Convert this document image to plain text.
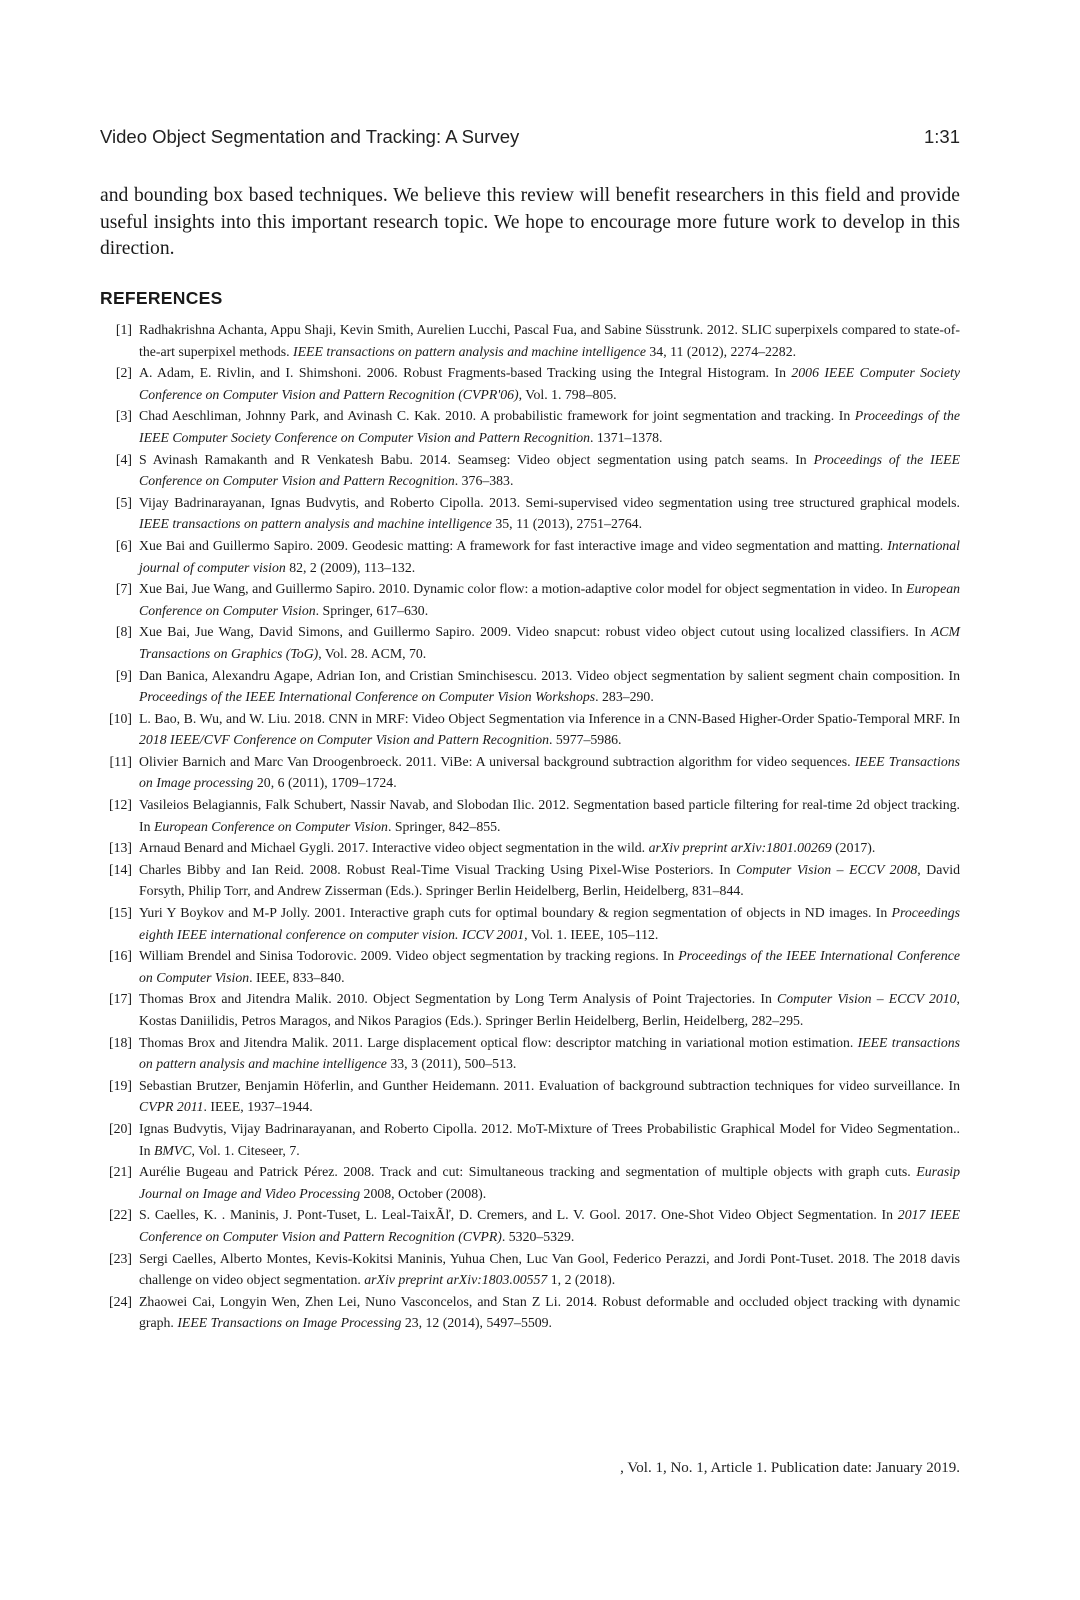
Video Object Segmentation and Tracking: A Survey	1:31

and bounding box based techniques. We believe this review will benefit researchers in this field and provide useful insights into this important research topic. We hope to encourage more future work to develop in this direction.

REFERENCES
[1] Radhakrishna Achanta, Appu Shaji, Kevin Smith, Aurelien Lucchi, Pascal Fua, and Sabine Süsstrunk. 2012. SLIC superpixels compared to state-of-the-art superpixel methods. IEEE transactions on pattern analysis and machine intelligence 34, 11 (2012), 2274–2282.
[2] A. Adam, E. Rivlin, and I. Shimshoni. 2006. Robust Fragments-based Tracking using the Integral Histogram. In 2006 IEEE Computer Society Conference on Computer Vision and Pattern Recognition (CVPR'06), Vol. 1. 798–805.
[3] Chad Aeschliman, Johnny Park, and Avinash C. Kak. 2010. A probabilistic framework for joint segmentation and tracking. In Proceedings of the IEEE Computer Society Conference on Computer Vision and Pattern Recognition. 1371–1378.
[4] S Avinash Ramakanth and R Venkatesh Babu. 2014. Seamseg: Video object segmentation using patch seams. In Proceedings of the IEEE Conference on Computer Vision and Pattern Recognition. 376–383.
[5] Vijay Badrinarayanan, Ignas Budvytis, and Roberto Cipolla. 2013. Semi-supervised video segmentation using tree structured graphical models. IEEE transactions on pattern analysis and machine intelligence 35, 11 (2013), 2751–2764.
[6] Xue Bai and Guillermo Sapiro. 2009. Geodesic matting: A framework for fast interactive image and video segmentation and matting. International journal of computer vision 82, 2 (2009), 113–132.
[7] Xue Bai, Jue Wang, and Guillermo Sapiro. 2010. Dynamic color flow: a motion-adaptive color model for object segmentation in video. In European Conference on Computer Vision. Springer, 617–630.
[8] Xue Bai, Jue Wang, David Simons, and Guillermo Sapiro. 2009. Video snapcut: robust video object cutout using localized classifiers. In ACM Transactions on Graphics (ToG), Vol. 28. ACM, 70.
[9] Dan Banica, Alexandru Agape, Adrian Ion, and Cristian Sminchisescu. 2013. Video object segmentation by salient segment chain composition. In Proceedings of the IEEE International Conference on Computer Vision Workshops. 283–290.
[10] L. Bao, B. Wu, and W. Liu. 2018. CNN in MRF: Video Object Segmentation via Inference in a CNN-Based Higher-Order Spatio-Temporal MRF. In 2018 IEEE/CVF Conference on Computer Vision and Pattern Recognition. 5977–5986.
[11] Olivier Barnich and Marc Van Droogenbroeck. 2011. ViBe: A universal background subtraction algorithm for video sequences. IEEE Transactions on Image processing 20, 6 (2011), 1709–1724.
[12] Vasileios Belagiannis, Falk Schubert, Nassir Navab, and Slobodan Ilic. 2012. Segmentation based particle filtering for real-time 2d object tracking. In European Conference on Computer Vision. Springer, 842–855.
[13] Arnaud Benard and Michael Gygli. 2017. Interactive video object segmentation in the wild. arXiv preprint arXiv:1801.00269 (2017).
[14] Charles Bibby and Ian Reid. 2008. Robust Real-Time Visual Tracking Using Pixel-Wise Posteriors. In Computer Vision – ECCV 2008, David Forsyth, Philip Torr, and Andrew Zisserman (Eds.). Springer Berlin Heidelberg, Berlin, Heidelberg, 831–844.
[15] Yuri Y Boykov and M-P Jolly. 2001. Interactive graph cuts for optimal boundary & region segmentation of objects in ND images. In Proceedings eighth IEEE international conference on computer vision. ICCV 2001, Vol. 1. IEEE, 105–112.
[16] William Brendel and Sinisa Todorovic. 2009. Video object segmentation by tracking regions. In Proceedings of the IEEE International Conference on Computer Vision. IEEE, 833–840.
[17] Thomas Brox and Jitendra Malik. 2010. Object Segmentation by Long Term Analysis of Point Trajectories. In Computer Vision – ECCV 2010, Kostas Daniilidis, Petros Maragos, and Nikos Paragios (Eds.). Springer Berlin Heidelberg, Berlin, Heidelberg, 282–295.
[18] Thomas Brox and Jitendra Malik. 2011. Large displacement optical flow: descriptor matching in variational motion estimation. IEEE transactions on pattern analysis and machine intelligence 33, 3 (2011), 500–513.
[19] Sebastian Brutzer, Benjamin Höferlin, and Gunther Heidemann. 2011. Evaluation of background subtraction techniques for video surveillance. In CVPR 2011. IEEE, 1937–1944.
[20] Ignas Budvytis, Vijay Badrinarayanan, and Roberto Cipolla. 2012. MoT-Mixture of Trees Probabilistic Graphical Model for Video Segmentation.. In BMVC, Vol. 1. Citeseer, 7.
[21] Aurélie Bugeau and Patrick Pérez. 2008. Track and cut: Simultaneous tracking and segmentation of multiple objects with graph cuts. Eurasip Journal on Image and Video Processing 2008, October (2008).
[22] S. Caelles, K. . Maninis, J. Pont-Tuset, L. Leal-TaixÃľ, D. Cremers, and L. V. Gool. 2017. One-Shot Video Object Segmentation. In 2017 IEEE Conference on Computer Vision and Pattern Recognition (CVPR). 5320–5329.
[23] Sergi Caelles, Alberto Montes, Kevis-Kokitsi Maninis, Yuhua Chen, Luc Van Gool, Federico Perazzi, and Jordi Pont-Tuset. 2018. The 2018 davis challenge on video object segmentation. arXiv preprint arXiv:1803.00557 1, 2 (2018).
[24] Zhaowei Cai, Longyin Wen, Zhen Lei, Nuno Vasconcelos, and Stan Z Li. 2014. Robust deformable and occluded object tracking with dynamic graph. IEEE Transactions on Image Processing 23, 12 (2014), 5497–5509.
, Vol. 1, No. 1, Article 1. Publication date: January 2019.
